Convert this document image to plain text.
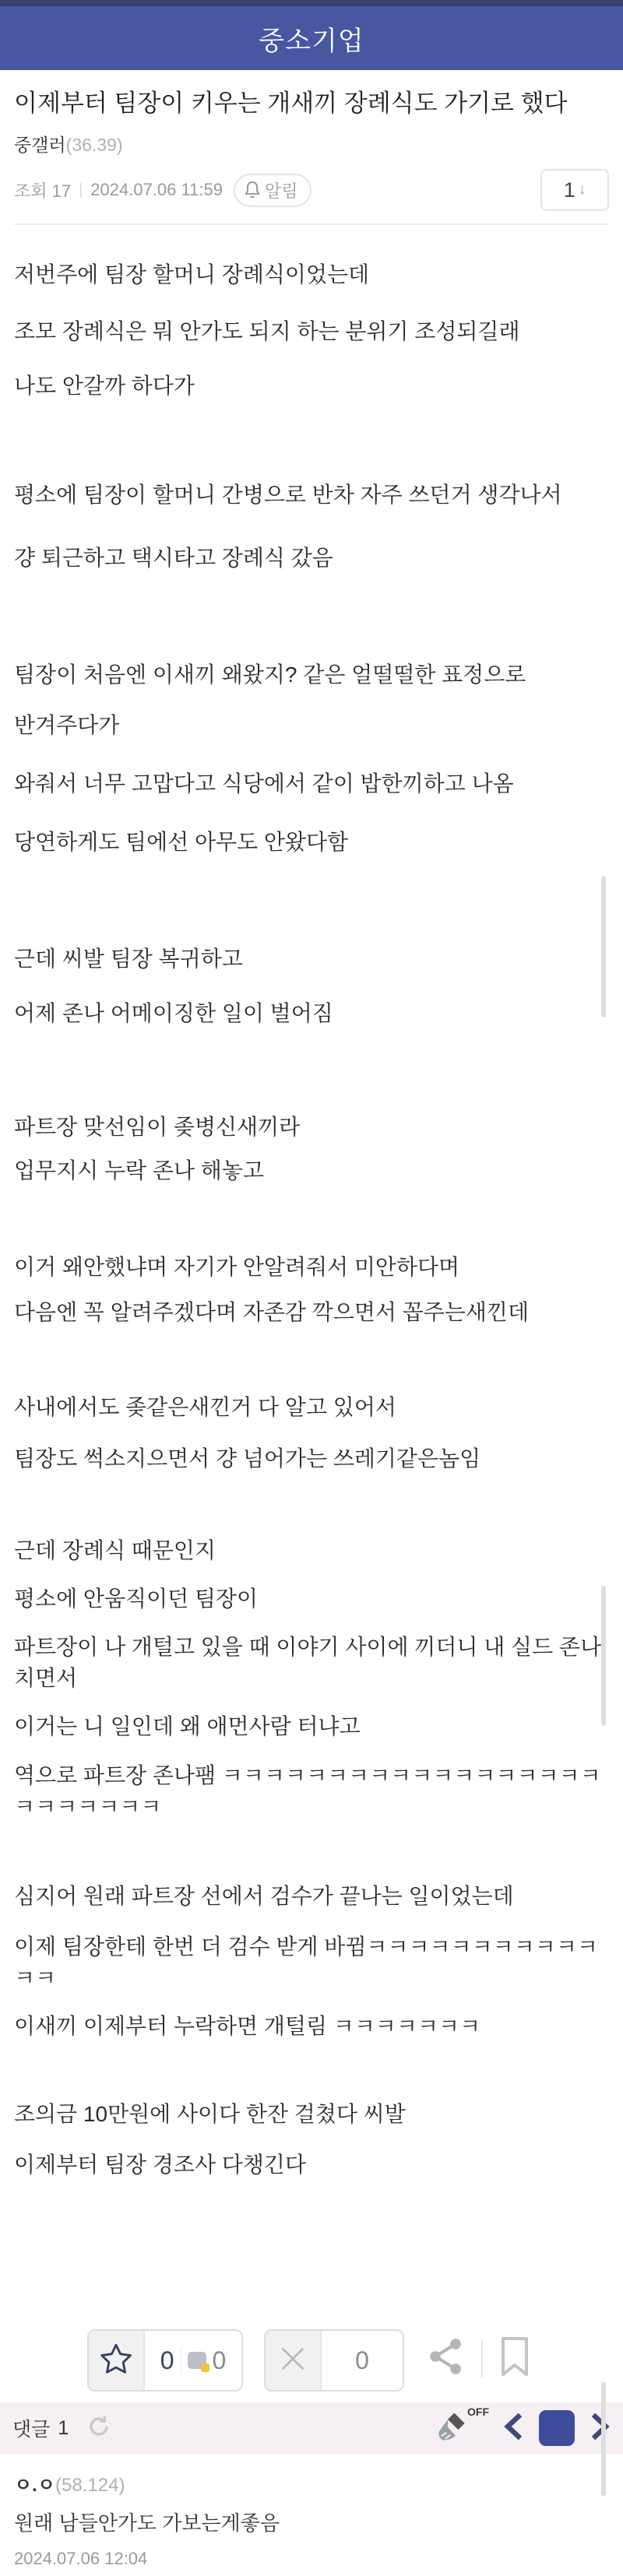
중소기업
이제부터 팀장이 키우는 개새끼 장례식도 가기로 했다
중갤러(36.39)
조회 17 | 2024.07.06 11:59 알림	1 ↓

저번주에 팀장 할머니 장례식이었는데

조모 장례식은 뭐 안가도 되지 하는 분위기 조성되길래

나도 안갈까 하다가

평소에 팀장이 할머니 간병으로 반차 자주 쓰던거 생각나서

걍 퇴근하고 택시타고 장례식 갔음

팀장이 처음엔 이새끼 왜왔지? 같은 얼떨떨한 표정으로

반겨주다가

와줘서 너무 고맙다고 식당에서 같이 밥한끼하고 나옴

당연하게도 팀에선 아무도 안왔다함

근데 씨발 팀장 복귀하고

어제 존나 어메이징한 일이 벌어짐

파트장 맞선임이 좆병신새끼라

업무지시 누락 존나 해놓고

이거 왜안했냐며 자기가 안알려줘서 미안하다며

다음엔 꼭 알려주겠다며 자존감 깍으면서 꼽주는새낀데

사내에서도 좆같은새낀거 다 알고 있어서

팀장도 썩소지으면서 걍 넘어가는 쓰레기같은놈임

근데 장례식 때문인지

평소에 안움직이던 팀장이

파트장이 나 개털고 있을 때 이야기 사이에 끼더니 내 실드 존나 치면서

이거는 니 일인데 왜 애먼사람 터냐고

역으로 파트장 존나팸 ㅋㅋㅋㅋㅋㅋㅋㅋㅋㅋㅋㅋㅋㅋㅋㅋㅋㅋㅋㅋㅋㅋㅋㅋㅋ

심지어 원래 파트장 선에서 검수가 끝나는 일이었는데

이제 팀장한테 한번 더 검수 받게 바뀜ㅋㅋㅋㅋㅋㅋㅋㅋㅋㅋㅋㅋㅋ

이새끼 이제부터 누락하면 개털림 ㅋㅋㅋㅋㅋㅋㅋ

조의금 10만원에 사이다 한잔 걸쳤다 씨발

이제부터 팀장 경조사 다챙긴다

0 0	0
댓글 1
OFF
ㅇ.ㅇ(58.124)
원래 남들안가도 가보는게좋음
2024.07.06 12:04
